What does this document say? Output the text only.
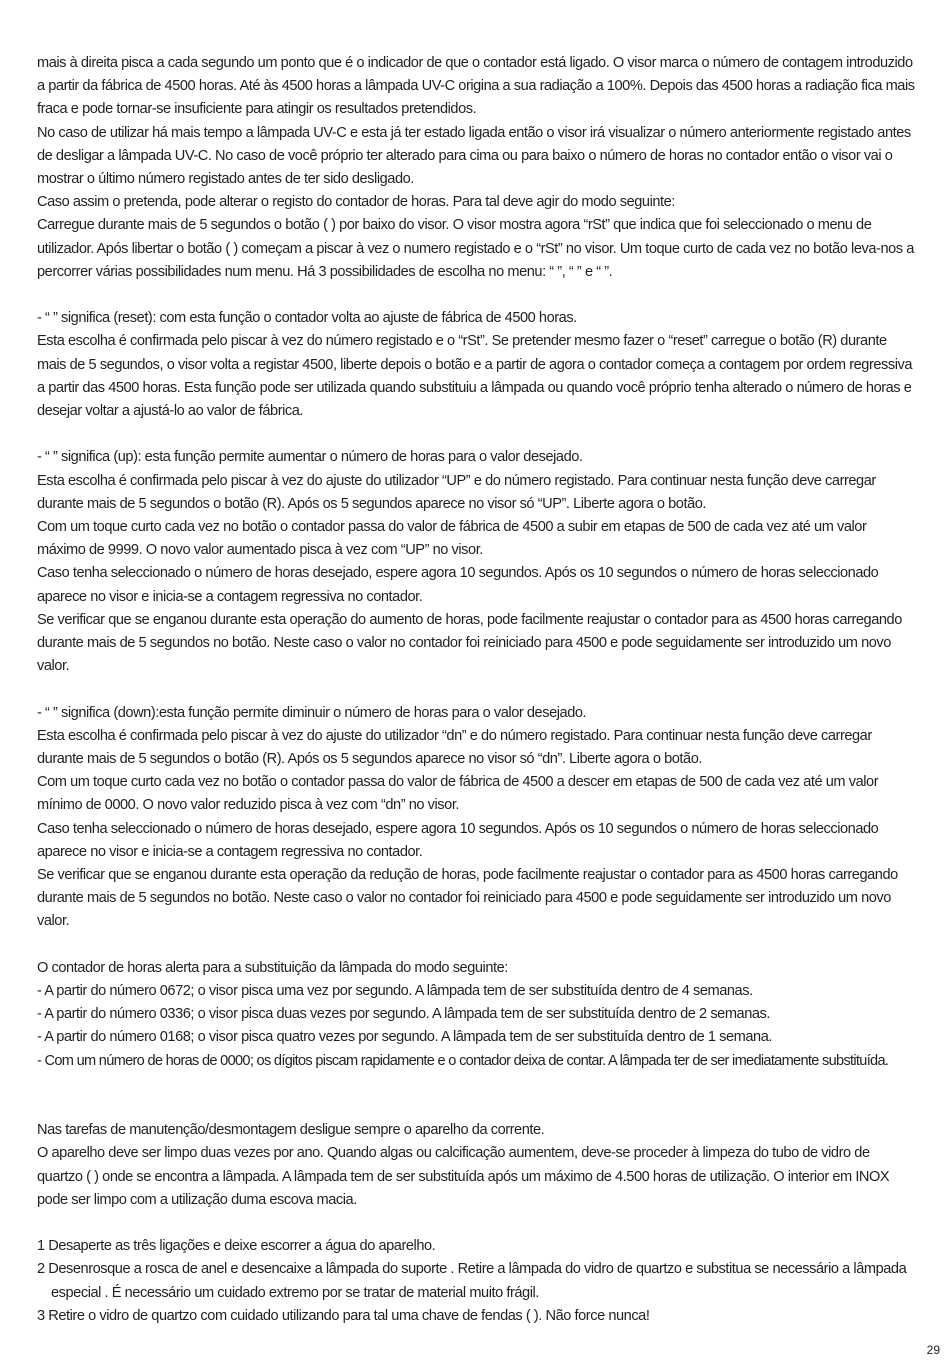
mais à direita pisca a cada segundo um ponto que é o indicador de que o contador está ligado. O visor marca o número de contagem introduzido a partir da fábrica de 4500 horas. Até às 4500 horas a lâmpada UV-C origina a sua radiação a 100%. Depois das 4500 horas a radiação fica mais fraca e pode tornar-se insuficiente para atingir os resultados pretendidos.

No caso de utilizar há mais tempo a lâmpada UV-C e esta já ter estado ligada então o visor irá visualizar o número anteriormente registado antes de desligar a lâmpada UV-C. No caso de você próprio ter alterado para cima ou para baixo o número de horas no contador então o visor vai o mostrar o último número registado antes de ter sido desligado.

Caso assim o pretenda, pode alterar o registo do contador de horas. Para tal deve agir do modo seguinte:

Carregue durante mais de 5 segundos o botão ( ) por baixo do visor. O visor mostra agora “rSt” que indica que foi seleccionado o menu de utilizador. Após libertar o botão ( ) começam a piscar à vez o numero registado e o “rSt” no visor. Um toque curto de cada vez no botão leva-nos a percorrer várias possibilidades num menu. Há 3 possibilidades de escolha no menu: “ ”, “ ” e “ ”.

- “ ” significa (reset): com esta função o contador volta ao ajuste de fábrica de 4500 horas.

Esta escolha é confirmada pelo piscar à vez do número registado e o “rSt”. Se pretender mesmo fazer o “reset” carregue o botão (R) durante mais de 5 segundos, o visor volta a registar 4500, liberte depois o botão e a partir de agora o contador começa a contagem por ordem regressiva a partir das 4500 horas. Esta função pode ser utilizada quando substituiu a lâmpada ou quando você próprio tenha alterado o número de horas e desejar voltar a ajustá-lo ao valor de fábrica.

- “ ” significa (up): esta função permite aumentar o número de horas para o valor desejado.

Esta escolha é confirmada pelo piscar à vez do ajuste do utilizador “UP” e do número registado. Para continuar nesta função deve carregar durante mais de 5 segundos o botão (R). Após os 5 segundos aparece no visor só “UP”. Liberte agora o botão.

Com um toque curto cada vez no botão o contador passa do valor de fábrica de 4500 a subir em etapas de 500 de cada vez até um valor máximo de 9999. O novo valor aumentado pisca à vez com “UP” no visor.

Caso tenha seleccionado o número de horas desejado, espere agora 10 segundos. Após os 10 segundos o número de horas seleccionado aparece no visor e inicia-se a contagem regressiva no contador.

Se verificar que se enganou durante esta operação do aumento de horas, pode facilmente reajustar o contador para as 4500 horas carregando durante mais de 5 segundos no botão. Neste caso o valor no contador foi reiniciado para 4500 e pode seguidamente ser introduzido um novo valor.

- “ ” significa (down):esta função permite diminuir o número de horas para o valor desejado.

Esta escolha é confirmada pelo piscar à vez do ajuste do utilizador “dn” e do número registado. Para continuar nesta função deve carregar durante mais de 5 segundos o botão (R). Após os 5 segundos aparece no visor só “dn”. Liberte agora o botão.

Com um toque curto cada vez no botão o contador passa do valor de fábrica de 4500 a descer em etapas de 500 de cada vez até um valor mínimo de 0000. O novo valor reduzido pisca à vez com “dn” no visor.

Caso tenha seleccionado o número de horas desejado, espere agora 10 segundos. Após os 10 segundos o número de horas seleccionado aparece no visor e inicia-se a contagem regressiva no contador.

Se verificar que se enganou durante esta operação da redução de horas, pode facilmente reajustar o contador para as 4500 horas carregando durante mais de 5 segundos no botão. Neste caso o valor no contador foi reiniciado para 4500 e pode seguidamente ser introduzido um novo valor.

O contador de horas alerta para a substituição da lâmpada do modo seguinte:

- A partir do número 0672; o visor pisca uma vez por segundo. A lâmpada tem de ser substituída dentro de 4 semanas.

- A partir do número 0336; o visor pisca duas vezes por segundo. A lâmpada tem de ser substituída dentro de 2 semanas.

- A partir do número 0168; o visor pisca quatro vezes por segundo. A lâmpada tem de ser substituída dentro de 1 semana.

- Com um número de horas de 0000; os dígitos piscam rapidamente e o contador deixa de contar. A lâmpada ter de ser imediatamente substituída.

Nas tarefas de manutenção/desmontagem desligue sempre o aparelho da corrente.

O aparelho deve ser limpo duas vezes por ano. Quando algas ou calcificação aumentem, deve-se proceder à limpeza do tubo de vidro de quartzo ( ) onde se encontra a lâmpada. A lâmpada tem de ser substituída após um máximo de 4.500 horas de utilização. O interior em INOX pode ser limpo com a utilização duma escova macia.

1 Desaperte as três ligações e deixe escorrer a água do aparelho.

2 Desenrosque a rosca de anel e desencaixe a lâmpada do suporte . Retire a lâmpada do vidro de quartzo e substitua se necessário a lâmpada especial . É necessário um cuidado extremo por se tratar de material muito frágil.

3 Retire o vidro de quartzo com cuidado utilizando para tal uma chave de fendas ( ). Não force nunca!

29
